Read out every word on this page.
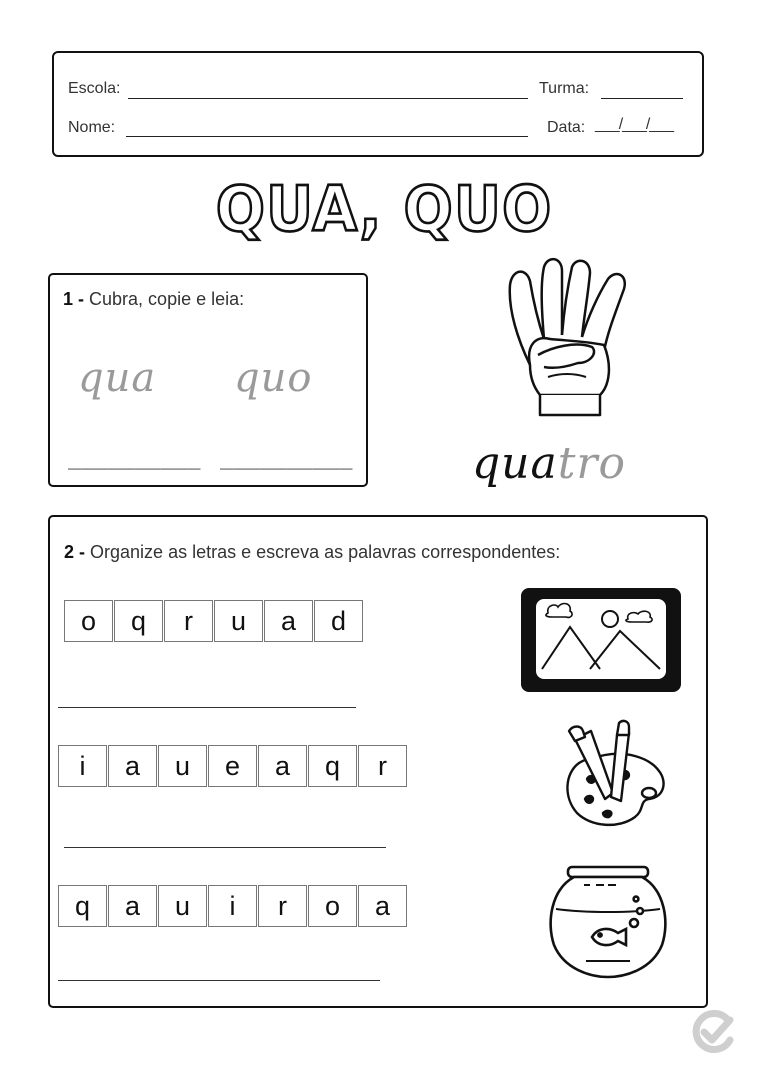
Escola:	Turma:
Nome:	Data: ___/___/___
QUA, QUO
1 - Cubra, copie e leia:
qua quo
__________ __________	quatro
2 - Organize as letras e escreva as palavras correspondentes:
o	q	r	u	a	d
i	a	u	e	a	q	r
q	a	u	i	r	o	a
